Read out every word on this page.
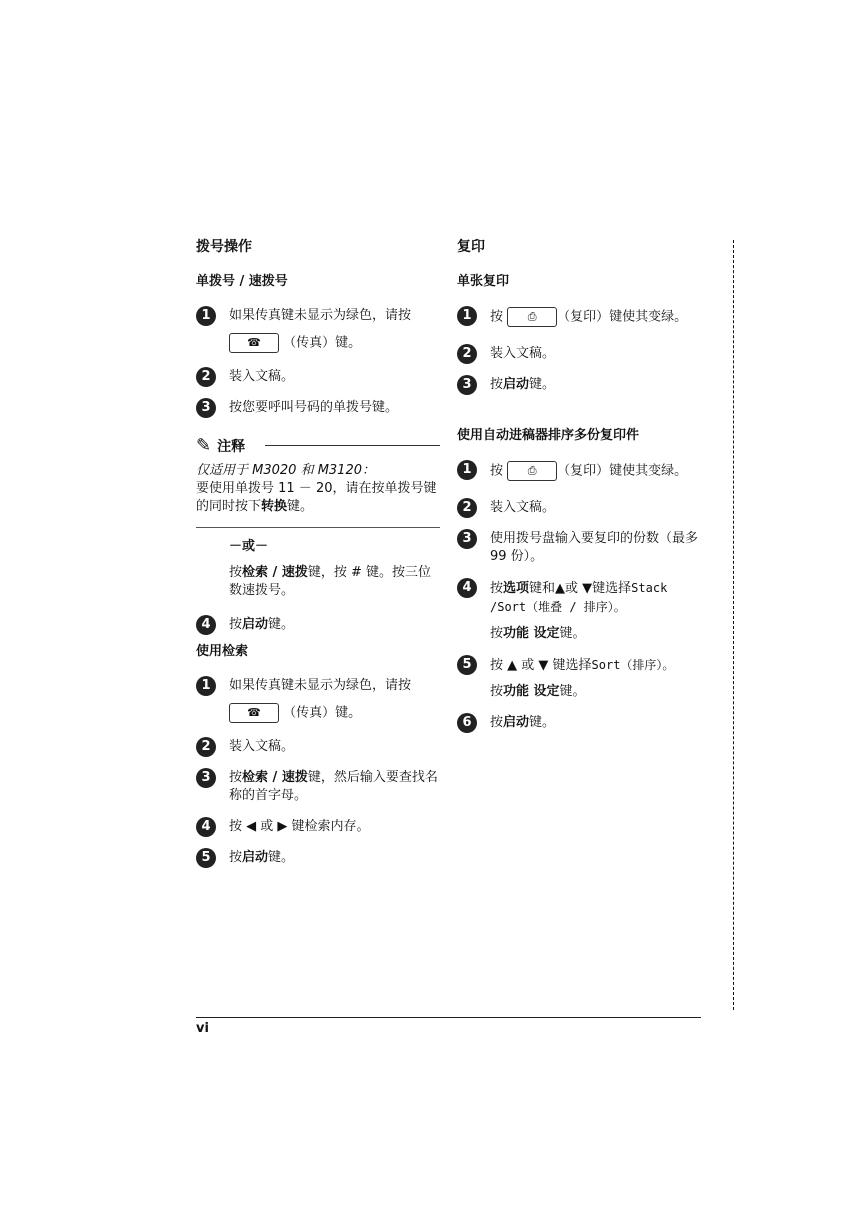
拨号操作
单拨号 / 速拨号
1	如果传真键未显示为绿色，请按
☎ （传真）键。
2	装入文稿。
3	按您要呼叫号码的单拨号键。
✎ 注释
仅适用于 M3020 和 M3120：
要使用单拨号 11 － 20，请在按单拨号键的同时按下转换键。
－或－
按检索 / 速拨键，按 # 键。按三位数速拨号。
4	按启动键。
使用检索
1	如果传真键未显示为绿色，请按
☎ （传真）键。
2	装入文稿。
3	按检索 / 速拨键，然后输入要查找名称的首字母。
4	按 ◀ 或 ▶ 键检索内存。
5	按启动键。
复印
单张复印
1	按 ⎙ （复印）键使其变绿。
2	装入文稿。
3	按启动键。
使用自动进稿器排序多份复印件
1	按 ⎙ （复印）键使其变绿。
2	装入文稿。
3	使用拨号盘输入要复印的份数（最多 99 份）。
4	按选项键和▲或 ▼键选择Stack /Sort（堆叠 / 排序）。
按功能 设定键。
5	按 ▲ 或 ▼ 键选择Sort（排序）。
按功能 设定键。
6	按启动键。
vi
